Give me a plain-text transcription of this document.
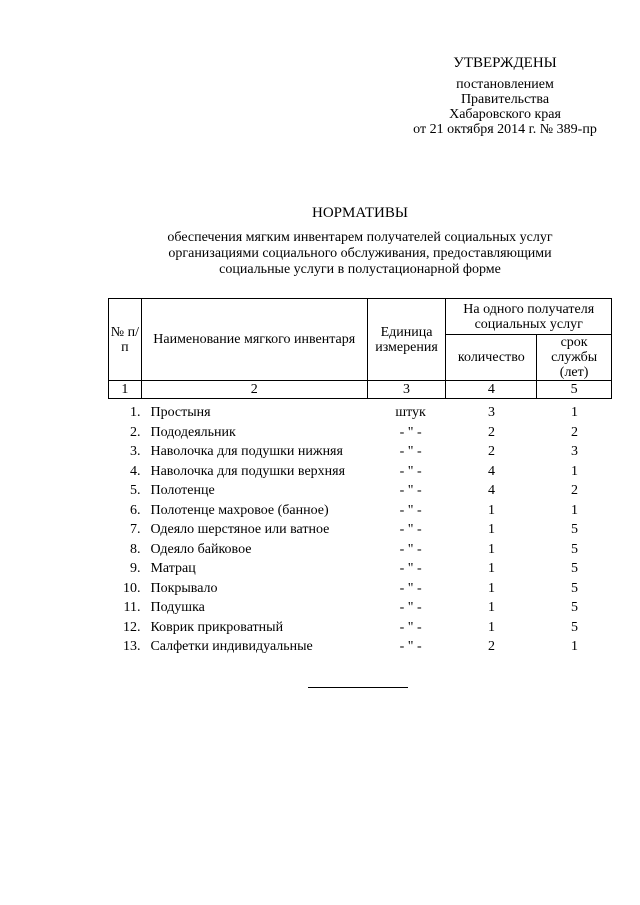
УТВЕРЖДЕНЫ
постановлением
Правительства
Хабаровского края
от 21 октября 2014 г. № 389-пр
НОРМАТИВЫ
обеспечения мягким инвентарем получателей социальных услуг
организациями социального обслуживания, предоставляющими
социальные услуги в полустационарной форме
№ п/п	Наименование мягкого инвентаря	Единица измерения	На одного получателя социальных услуг	
			количество	срок службы (лет)
1	2	3	4	5
1.	Простыня	штук	3	1
2.	Пододеяльник	- " -	2	2
3.	Наволочка для подушки нижняя	- " -	2	3
4.	Наволочка для подушки верхняя	- " -	4	1
5.	Полотенце	- " -	4	2
6.	Полотенце махровое (банное)	- " -	1	1
7.	Одеяло шерстяное или ватное	- " -	1	5
8.	Одеяло байковое	- " -	1	5
9.	Матрац	- " -	1	5
10.	Покрывало	- " -	1	5
11.	Подушка	- " -	1	5
12.	Коврик прикроватный	- " -	1	5
13.	Салфетки индивидуальные	- " -	2	1
